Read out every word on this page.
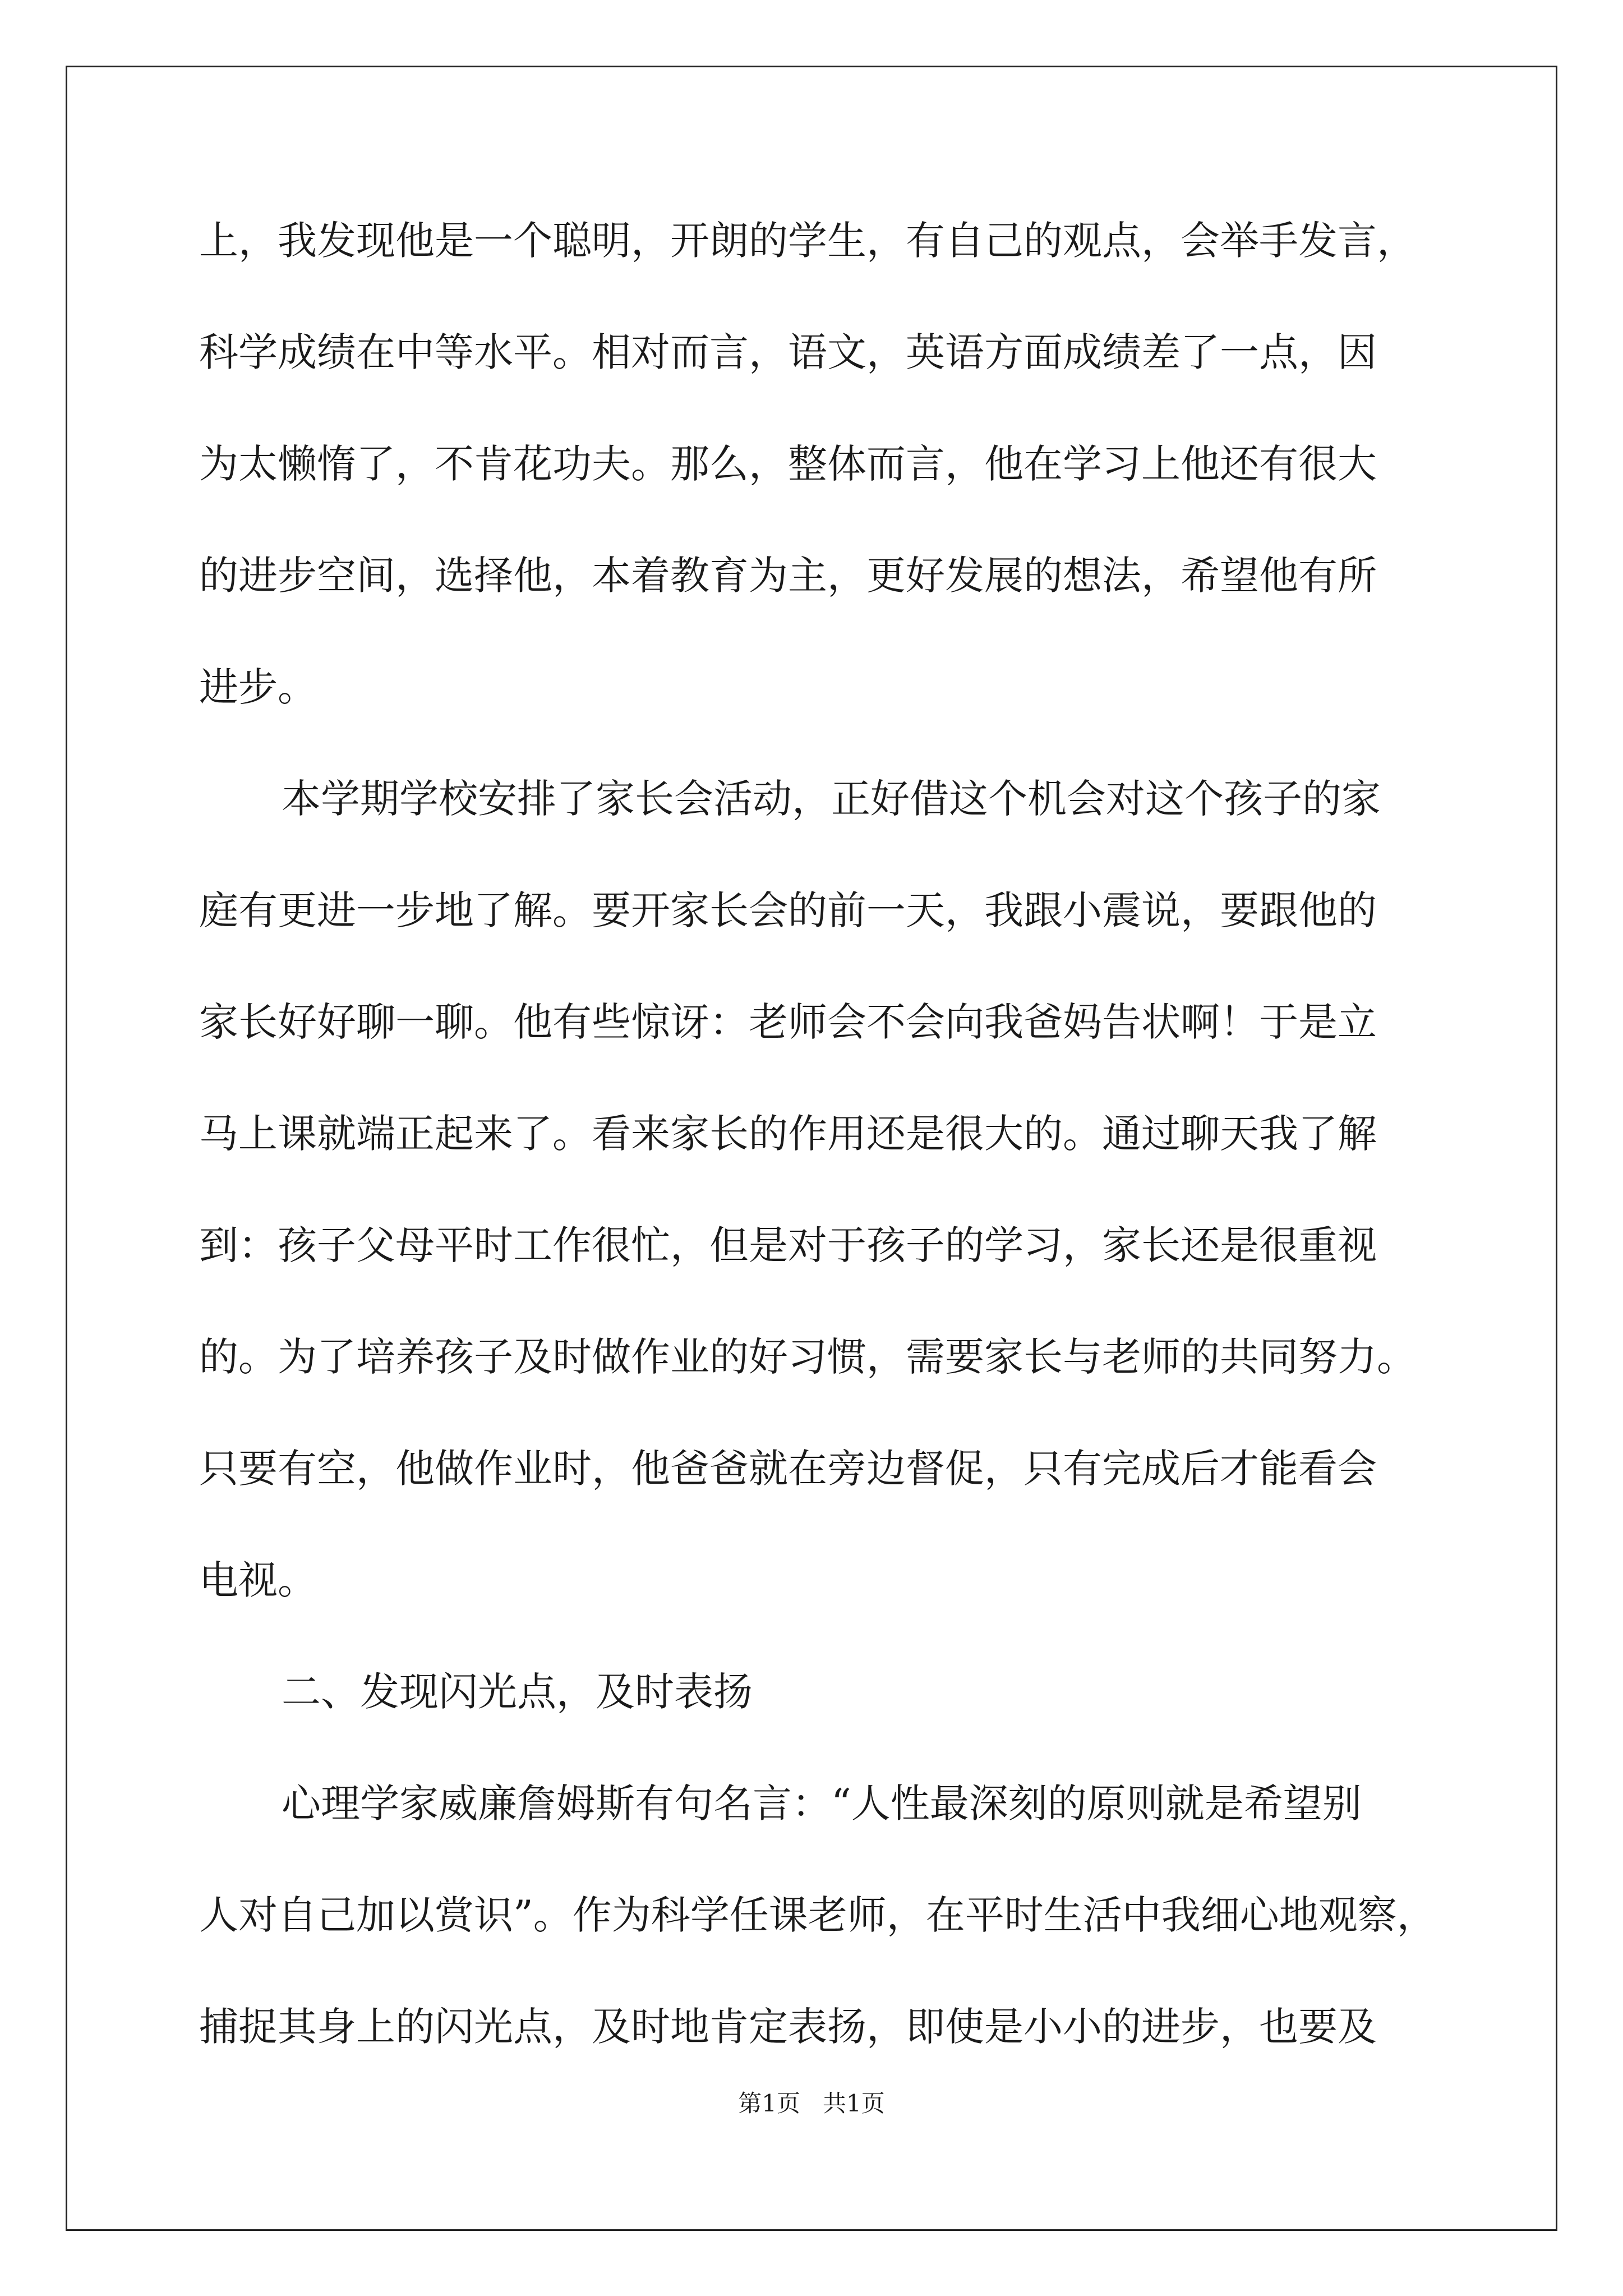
上，我发现他是一个聪明，开朗的学生，有自己的观点，会举手发言，
科学成绩在中等水平。相对而言，语文，英语方面成绩差了一点，因
为太懒惰了，不肯花功夫。那么，整体而言，他在学习上他还有很大
的进步空间，选择他，本着教育为主，更好发展的想法，希望他有所
进步。
本学期学校安排了家长会活动，正好借这个机会对这个孩子的家
庭有更进一步地了解。要开家长会的前一天，我跟小震说，要跟他的
家长好好聊一聊。他有些惊讶：老师会不会向我爸妈告状啊！于是立
马上课就端正起来了。看来家长的作用还是很大的。通过聊天我了解
到：孩子父母平时工作很忙，但是对于孩子的学习，家长还是很重视
的。为了培养孩子及时做作业的好习惯，需要家长与老师的共同努力。
只要有空，他做作业时，他爸爸就在旁边督促，只有完成后才能看会
电视。
二、发现闪光点，及时表扬
心理学家威廉詹姆斯有句名言：“人性最深刻的原则就是希望别
人对自己加以赏识”。作为科学任课老师，在平时生活中我细心地观察，
捕捉其身上的闪光点，及时地肯定表扬，即使是小小的进步，也要及
第1页   共1页
